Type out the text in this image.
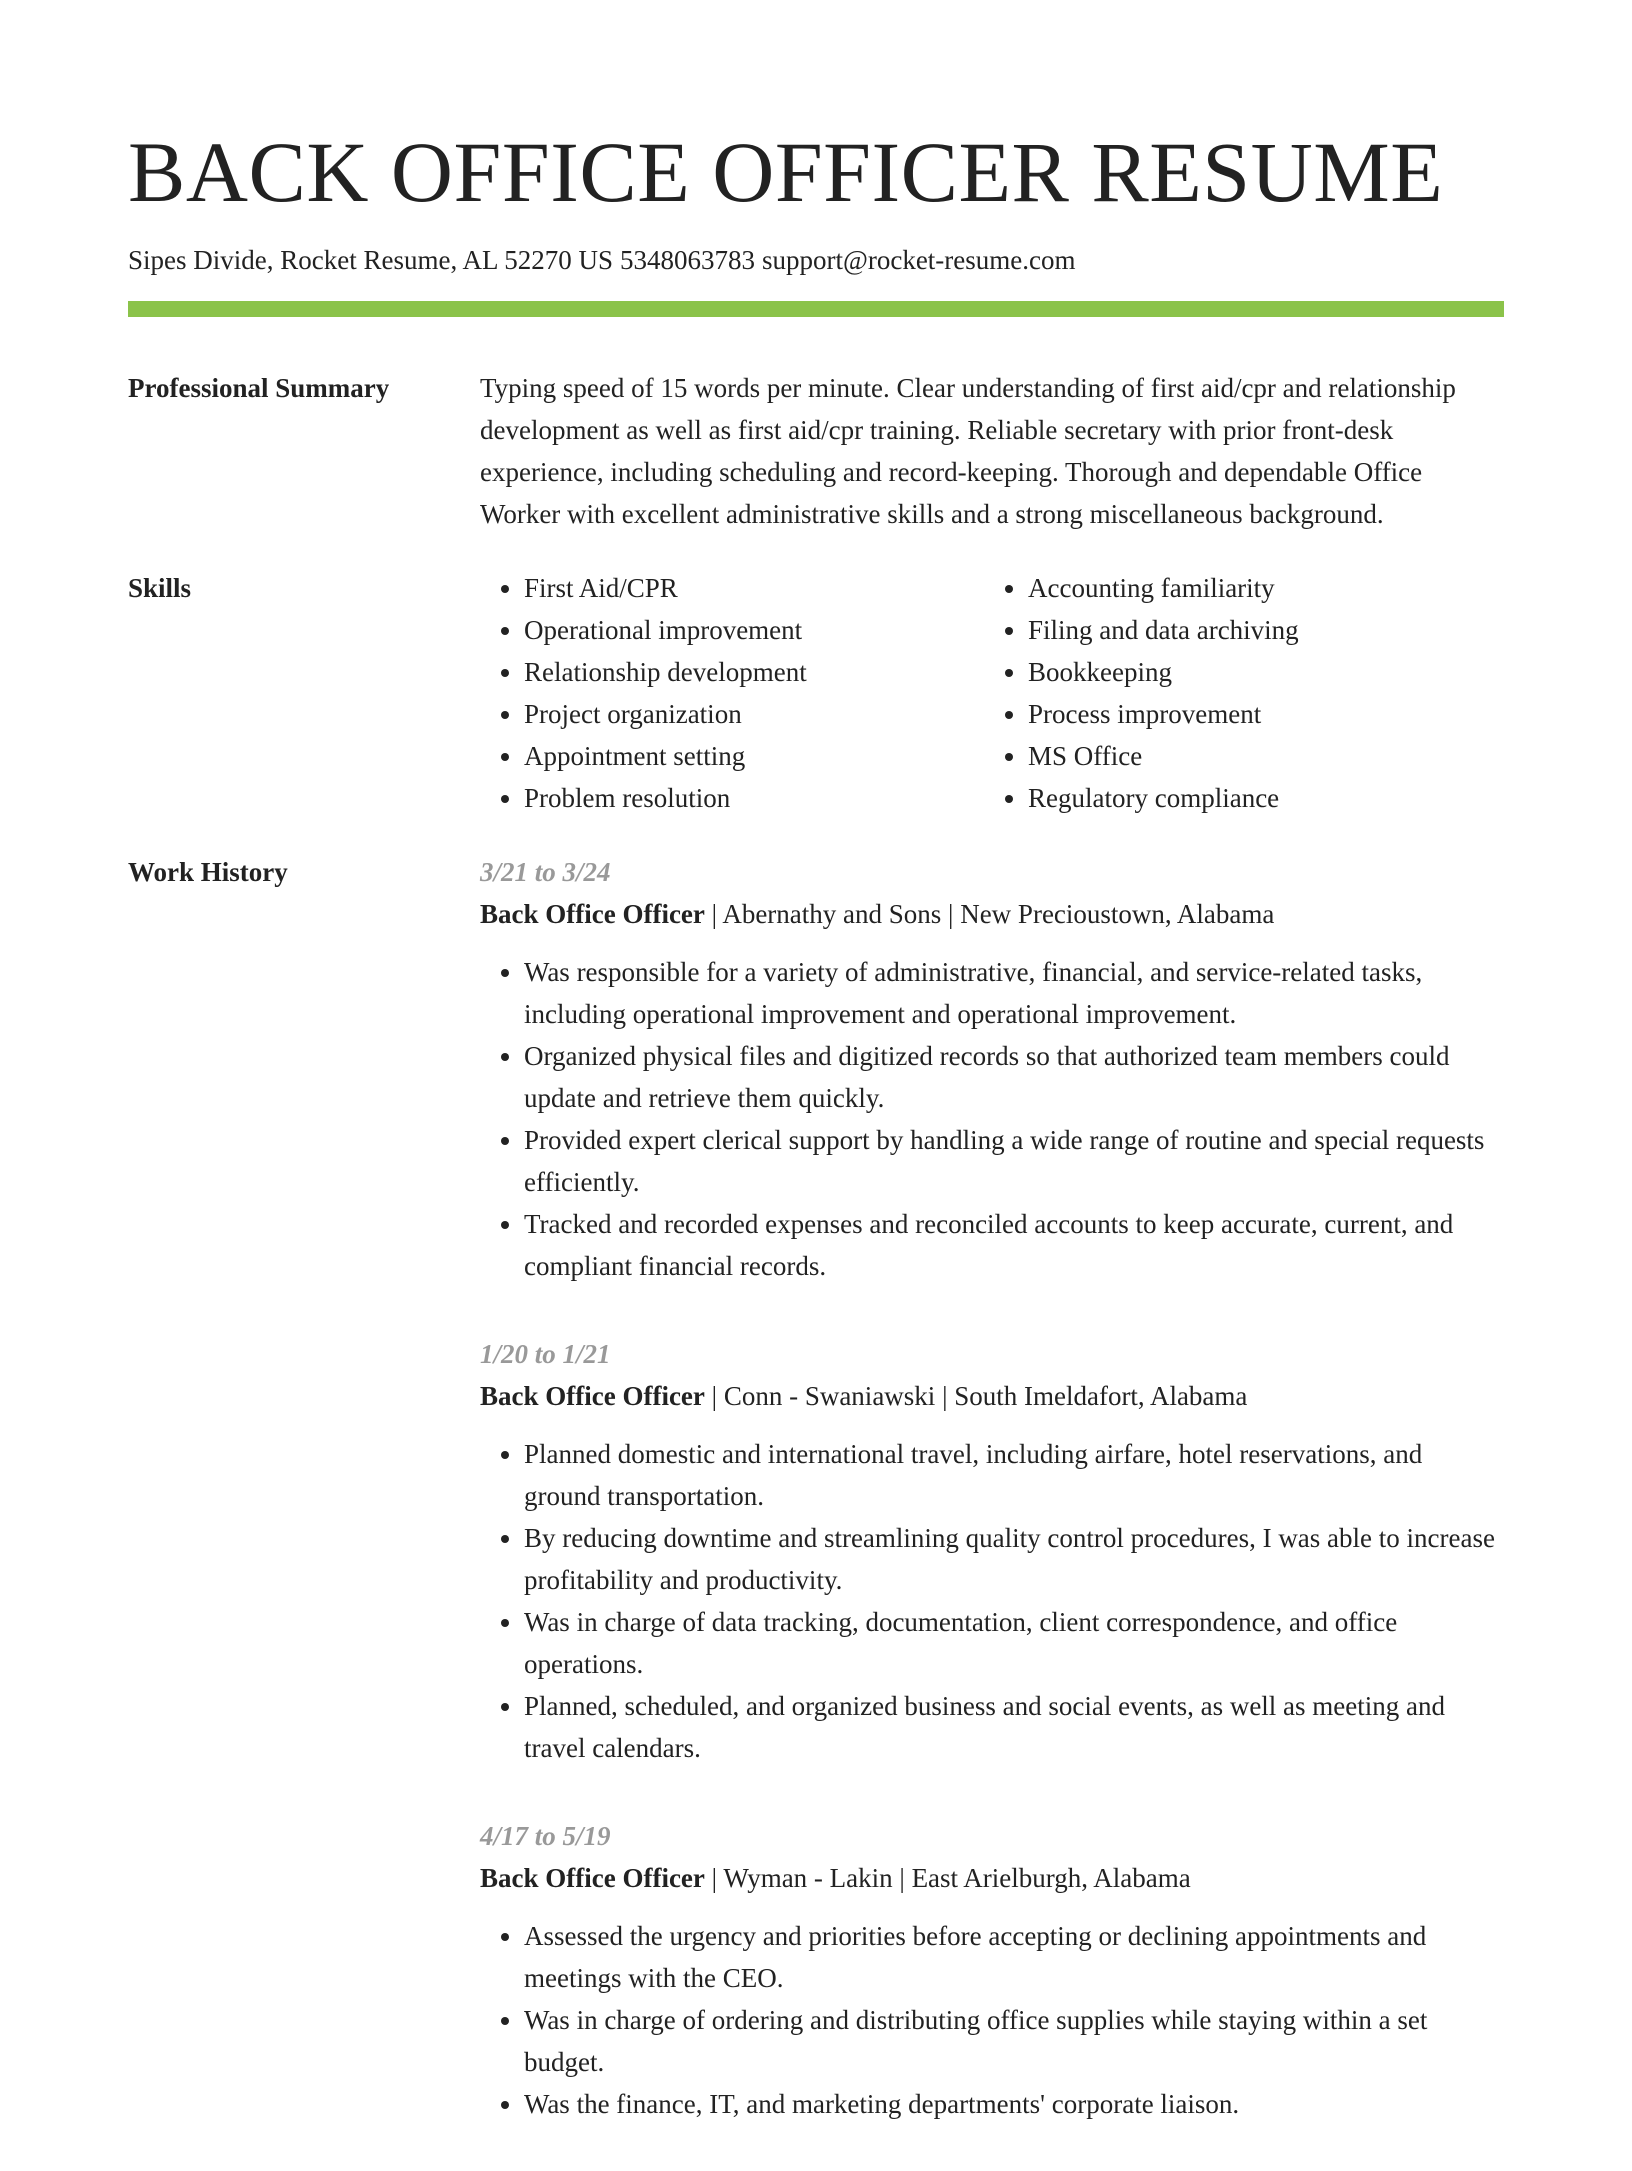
BACK OFFICE OFFICER RESUME
Sipes Divide, Rocket Resume, AL 52270 US 5348063783 support@rocket-resume.com
Professional Summary	Typing speed of 15 words per minute. Clear understanding of first aid/cpr and relationship development as well as first aid/cpr training. Reliable secretary with prior front-desk experience, including scheduling and record-keeping. Thorough and dependable Office Worker with excellent administrative skills and a strong miscellaneous background.

Skills
•	First Aid/CPR
• Operational improvement
• Relationship development
• Project organization
• Appointment setting
• Problem resolution
• Accounting familiarity
• Filing and data archiving
• Bookkeeping
• Process improvement
• MS Office
• Regulatory compliance
Work History	3/21 to 3/24
Back Office Officer | Abernathy and Sons | New Precioustown, Alabama
• Was responsible for a variety of administrative, financial, and service-related tasks, including operational improvement and operational improvement.
• Organized physical files and digitized records so that authorized team members could update and retrieve them quickly.
• Provided expert clerical support by handling a wide range of routine and special requests efficiently.
• Tracked and recorded expenses and reconciled accounts to keep accurate, current, and compliant financial records.
1/20 to 1/21
Back Office Officer | Conn - Swaniawski | South Imeldafort, Alabama
• Planned domestic and international travel, including airfare, hotel reservations, and ground transportation.
• By reducing downtime and streamlining quality control procedures, I was able to increase profitability and productivity.
• Was in charge of data tracking, documentation, client correspondence, and office operations.
• Planned, scheduled, and organized business and social events, as well as meeting and travel calendars.
4/17 to 5/19
Back Office Officer | Wyman - Lakin | East Arielburgh, Alabama
• Assessed the urgency and priorities before accepting or declining appointments and meetings with the CEO.
• Was in charge of ordering and distributing office supplies while staying within a set budget.
• Was the finance, IT, and marketing departments' corporate liaison.
